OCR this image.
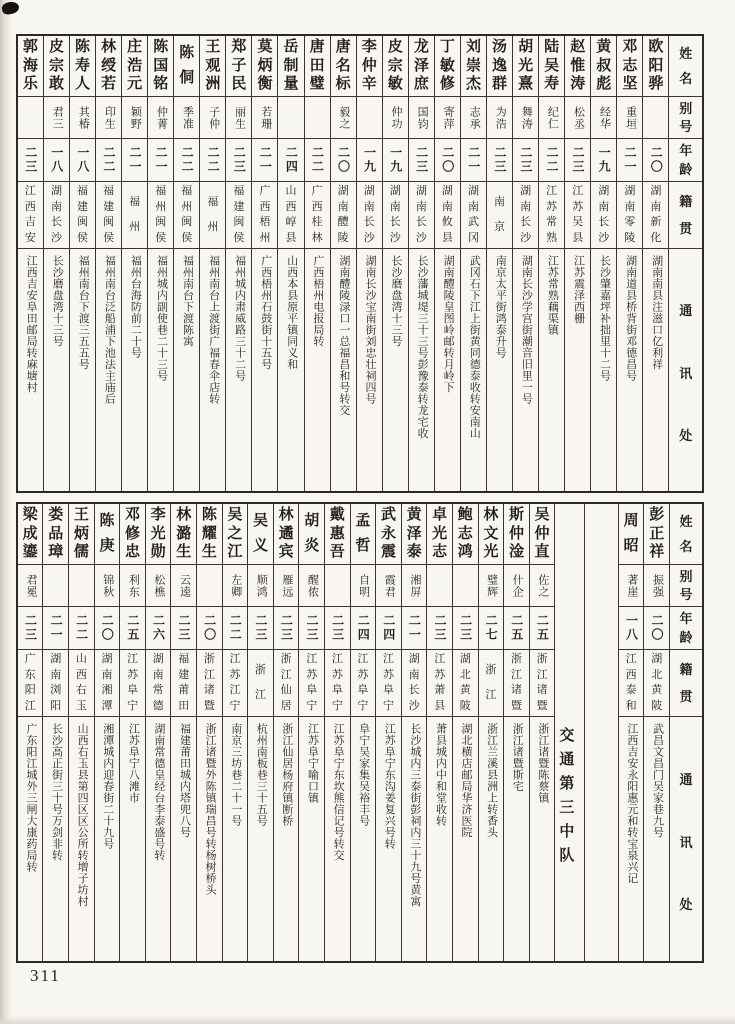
姓
名
别
号
年
龄
籍
贯
通
讯
处
欧
阳
骅
二〇
湖
南
新
化
湖南南县注滋口亿利祥
邓
志
坚
重垣
二一
湖
南
零
陵
湖南道县桥背街邓德昌号
黄
叔
彪
经华
一九
湖
南
长
沙
长沙肇嘉坪补拙里十二号
赵
惟
涛
松丞
二三
江
苏
吴
县
江苏震泽西栅
陆
吴
寿
纪仁
二二
江
苏
常
熟
江苏常熟藕渠镇
胡
光
熹
舞涛
二三
湖
南
长
沙
湖南长沙学宫街潮音旧里一号
汤
逸
群
为浩
二三
南
京
南京太平街鸿泰升号
刘
崇
杰
志承
二一
湖
南
武
冈
武冈石下江上街黄同德泰收转安南山
丁
敏
修
寄萍
二〇
湖
南
攸
县
湖南醴陵皇图岭邮转月岭下
龙
泽
庶
国钧
二三
湖
南
长
沙
长沙藩城堤三十三号彭豫泰转龙宅收
皮
宗
敏
仲功
一九
湖
南
长
沙
长沙磨盘湾十三号
李
仲
辛
一九
湖
南
长
沙
湖南长沙宝南街刘忠壮祠四号
唐
名
标
毅之
二〇
湖
南
醴
陵
湖南醴陵渌口一总福昌和号转交
唐
田
璧
二二
广
西
桂
林
广西梧州电报局转
岳
制
量
二四
山
西
崞
县
山西本县原平镇同义和
莫
炳
衡
若珊
二一
广
西
梧
州
广西梧州石鼓街十五号
郑
子
民
丽生
二三
福
建
闽
侯
福州城内肃威路三十二号
王
观
洲
子仲
二二
福
州
福州南台上渡街广福春伞店转
陈
侗
季准
二二
福
州
闽
侯
福州南台下渡陈寓
陈
国
铭
仲菁
二一
福
州
闽
侯
福州城内副使巷二十三号
庄
浩
元
颖野
二一
福
州
福州台海防前二十号
林
绶
若
印生
二二
福
建
闽
侯
福州南台泛船浦下池法主庙后
陈
寿
人
其椿
一八
福
建
闽
侯
福州南台下渡三五五号
皮
宗
敢
君三
一八
湖
南
长
沙
长沙磨盘湾十三号
郭
海
乐
二三
江
西
吉
安
江西吉安阜田邮局转麻塘村
姓
名
别
号
年
龄
籍
贯
通
讯
处
彭
正
祥
振强
二〇
湖
北
黄
陂
武昌文昌门吴家巷九号
周
昭
著崖
一八
江
西
泰
和
江西吉安永阳惠元和转宝泉兴记
交通第三中队
吴
仲
直
佐之
二五
浙
江
诸
暨
浙江诸暨陈蔡镇
斯
仲
淦
什企
二五
浙
江
诸
暨
浙江诸暨斯宅
林
文
光
璧辉
二七
浙
江
浙江兰溪县洲上转香头
鲍
志
鸿
二三
湖
北
黄
陂
湖北横店邮局华济医院
卓
光
志
二三
江
苏
萧
县
萧县城内中和堂收转
黄
泽
泰
湘屏
二一
湖
南
长
沙
长沙城内三泰街彭祠内三十九号黄寓
武
永
震
霞君
二四
江
苏
阜
宁
江苏阜宁东沟姜复兴号转
孟
哲
自明
二四
江
苏
阜
宁
阜宁吴家集吴裕丰号
戴
惠
吾
二三
江
苏
阜
宁
江苏阜宁东坎熊信记号转交
胡
炎
醒侬
二三
江
苏
阜
宁
江苏阜宁喻口镇
林
遹
宾
雁远
二三
浙
江
仙
居
浙江仙居杨府镇断桥
吴
义
顺鸿
二三
浙
江
杭州南板巷三十五号
吴
之
江
左卿
二二
江
苏
江
宁
南京三坊巷二十一号
陈
耀
生
二〇
浙
江
诸
暨
浙江诸暨外陈镇瑞昌号转杨树桥头
林
潞
生
云逵
二三
福
建
莆
田
福建莆田城内塔兜八号
李
光
勋
松樵
二六
湖
南
常
德
湖南常德皇经台李泰盛号转
邓
修
忠
利东
二五
江
苏
阜
宁
江苏阜宁八滩市
陈
庚
锦秋
二〇
湖
南
湘
潭
湘潭城内迎春街二十九号
王
炳
儒
二二
山
西
右
玉
山西右玉县第四区区公所转增子坊村
娄
品
璋
二一
湖
南
浏
阳
长沙高正街三十号万剑非转
梁
成
鎏
君冕
二三
广
东
阳
江
广东阳江城外三闸大康药局转
311
